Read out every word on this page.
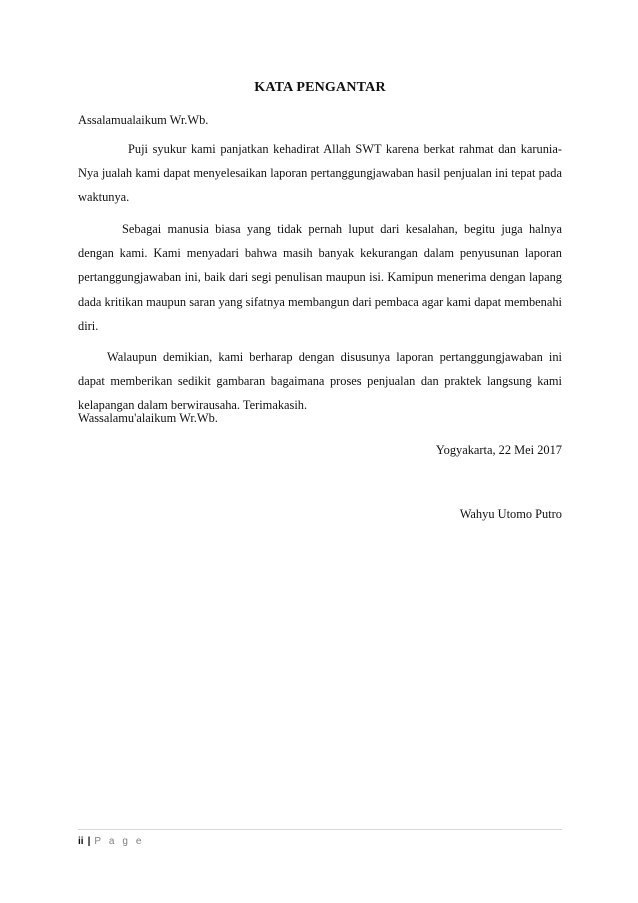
KATA PENGANTAR
Assalamualaikum Wr.Wb.
Puji syukur kami panjatkan kehadirat Allah SWT karena berkat rahmat dan karunia-Nya jualah kami dapat menyelesaikan laporan pertanggungjawaban hasil penjualan ini tepat pada waktunya.
Sebagai manusia biasa yang tidak pernah luput dari kesalahan, begitu juga halnya dengan kami. Kami menyadari bahwa masih banyak kekurangan dalam penyusunan laporan pertanggungjawaban ini, baik dari segi penulisan maupun isi. Kamipun menerima dengan lapang dada kritikan maupun saran yang sifatnya membangun dari pembaca agar kami dapat membenahi diri.
Walaupun demikian, kami berharap dengan disusunya laporan pertanggungjawaban ini dapat memberikan sedikit gambaran bagaimana proses penjualan dan praktek langsung kami kelapangan dalam berwirausaha. Terimakasih.
Wassalamu'alaikum Wr.Wb.
Yogyakarta, 22 Mei 2017
Wahyu Utomo Putro
ii | P a g e
